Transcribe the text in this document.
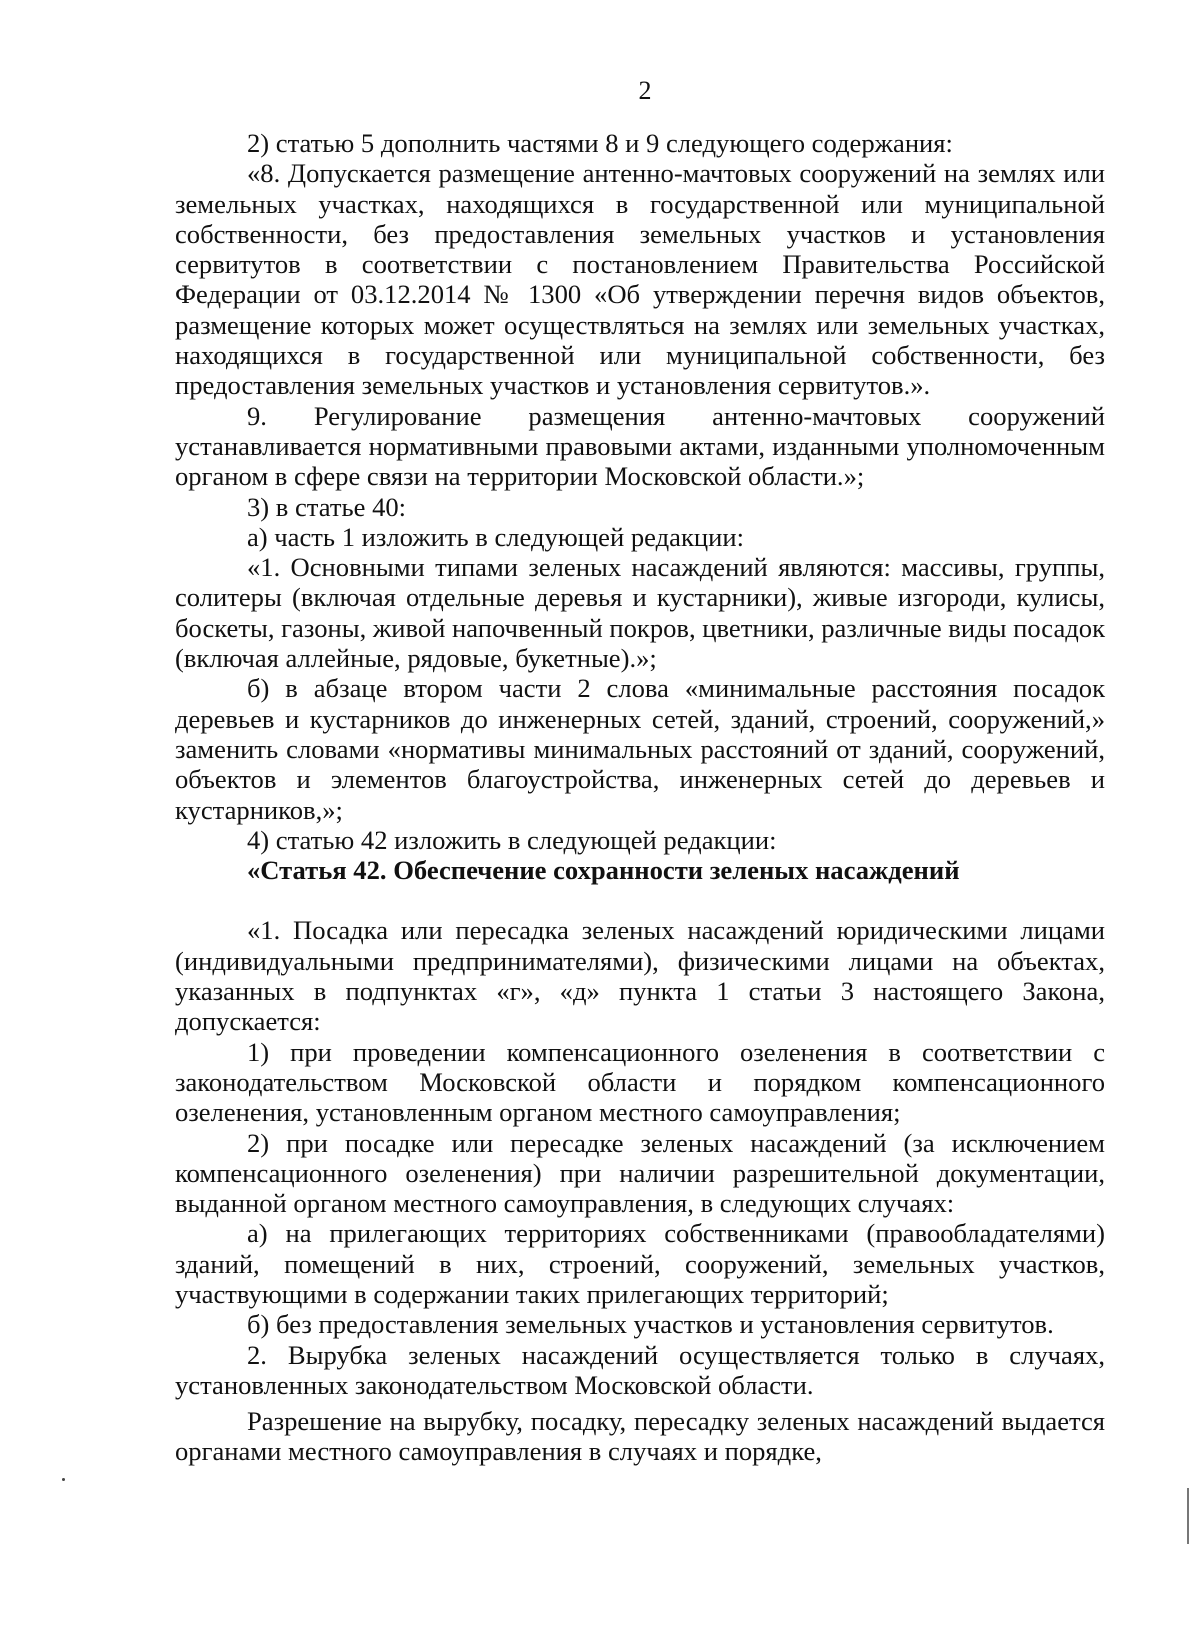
2

2) статью 5 дополнить частями 8 и 9 следующего содержания:

«8. Допускается размещение антенно-мачтовых сооружений на землях или земельных участках, находящихся в государственной или муниципальной собственности, без предоставления земельных участков и установления сервитутов в соответствии с постановлением Правительства Российской Федерации от 03.12.2014 № 1300 «Об утверждении перечня видов объектов, размещение которых может осуществляться на землях или земельных участках, находящихся в государственной или муниципальной собственности, без предоставления земельных участков и установления сервитутов.».

9. Регулирование размещения антенно-мачтовых сооружений устанавливается нормативными правовыми актами, изданными уполномоченным органом в сфере связи на территории Московской области.»;

3) в статье 40:

а) часть 1 изложить в следующей редакции:

«1. Основными типами зеленых насаждений являются: массивы, группы, солитеры (включая отдельные деревья и кустарники), живые изгороди, кулисы, боскеты, газоны, живой напочвенный покров, цветники, различные виды посадок (включая аллейные, рядовые, букетные).»;

б) в абзаце втором части 2 слова «минимальные расстояния посадок деревьев и кустарников до инженерных сетей, зданий, строений, сооружений,» заменить словами «нормативы минимальных расстояний от зданий, сооружений, объектов и элементов благоустройства, инженерных сетей до деревьев и кустарников,»;

4) статью 42 изложить в следующей редакции:

«Статья 42. Обеспечение сохранности зеленых насаждений

«1. Посадка или пересадка зеленых насаждений юридическими лицами (индивидуальными предпринимателями), физическими лицами на объектах, указанных в подпунктах «г», «д» пункта 1 статьи 3 настоящего Закона, допускается:

1) при проведении компенсационного озеленения в соответствии с законодательством Московской области и порядком компенсационного озеленения, установленным органом местного самоуправления;

2) при посадке или пересадке зеленых насаждений (за исключением компенсационного озеленения) при наличии разрешительной документации, выданной органом местного самоуправления, в следующих случаях:

а) на прилегающих территориях собственниками (правообладателями) зданий, помещений в них, строений, сооружений, земельных участков, участвующими в содержании таких прилегающих территорий;

б) без предоставления земельных участков и установления сервитутов.

2. Вырубка зеленых насаждений осуществляется только в случаях, установленных законодательством Московской области.

Разрешение на вырубку, посадку, пересадку зеленых насаждений выдается органами местного самоуправления в случаях и порядке,
